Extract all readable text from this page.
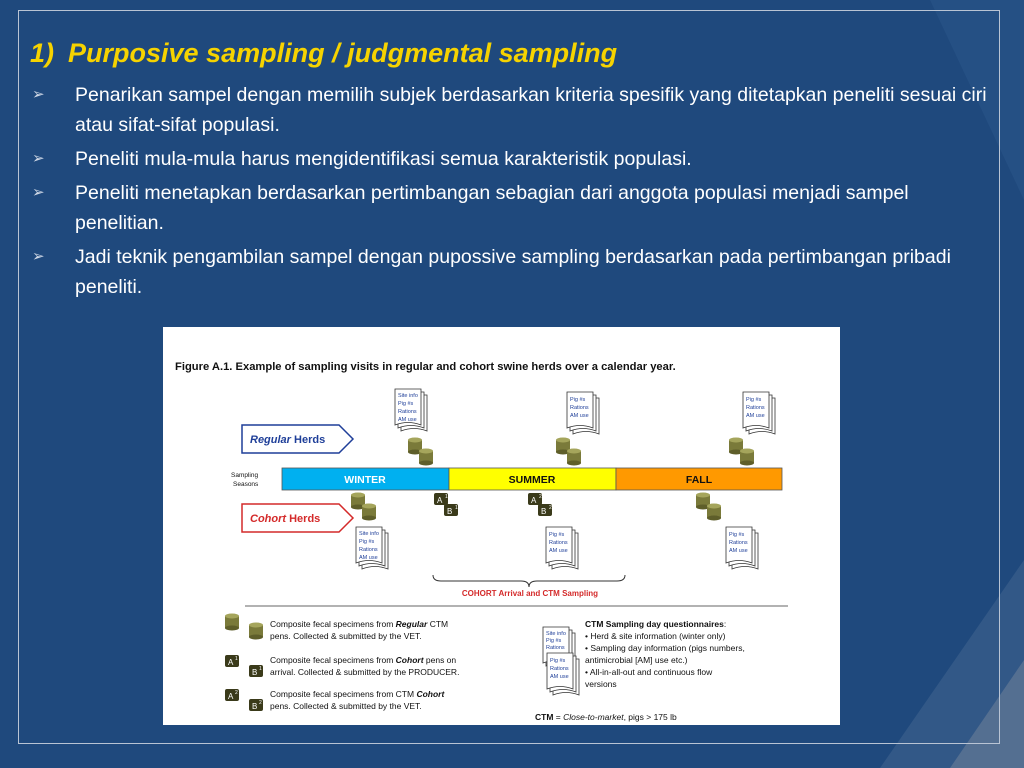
1) Purposive sampling / judgmental sampling
➢ Penarikan sampel dengan memilih subjek berdasarkan kriteria spesifik yang ditetapkan peneliti sesuai ciri atau sifat-sifat populasi.
➢ Peneliti mula-mula harus mengidentifikasi semua karakteristik populasi.
➢ Peneliti menetapkan berdasarkan pertimbangan sebagian dari anggota populasi menjadi sampel penelitian.
➢ Jadi teknik pengambilan sampel dengan pupossive sampling berdasarkan pada pertimbangan pribadi peneliti.
Figure A.1. Example of sampling visits in regular and cohort swine herds over a calendar year.
Regular Herds
Site info Pig #s Rations AM use
Pig #s Rations AM use
Pig #s Rations AM use
Sampling Seasons	WINTER	SUMMER	FALL
Cohort Herds
A 1
B 1
A 2
B 2
Site info Pig #s Rations AM use
Pig #s Rations AM use
Pig #s Rations AM use
COHORT Arrival and CTM Sampling
Composite fecal specimens from Regular CTM
pens. Collected & submitted by the VET.
A 1
B 1
Composite fecal specimens from Cohort pens on
arrival. Collected & submitted by the PRODUCER.
A 2
B 2
Composite fecal specimens from CTM Cohort
pens. Collected & submitted by the VET.
Site info Pig #s Rations
Pig #s Rations AM use
CTM Sampling day questionnaires:
• Herd & site information (winter only)
• Sampling day information (pigs numbers,
antimicrobial [AM] use etc.)
• All-in-all-out and continuous flow
versions
CTM = Close-to-market, pigs > 175 lb
